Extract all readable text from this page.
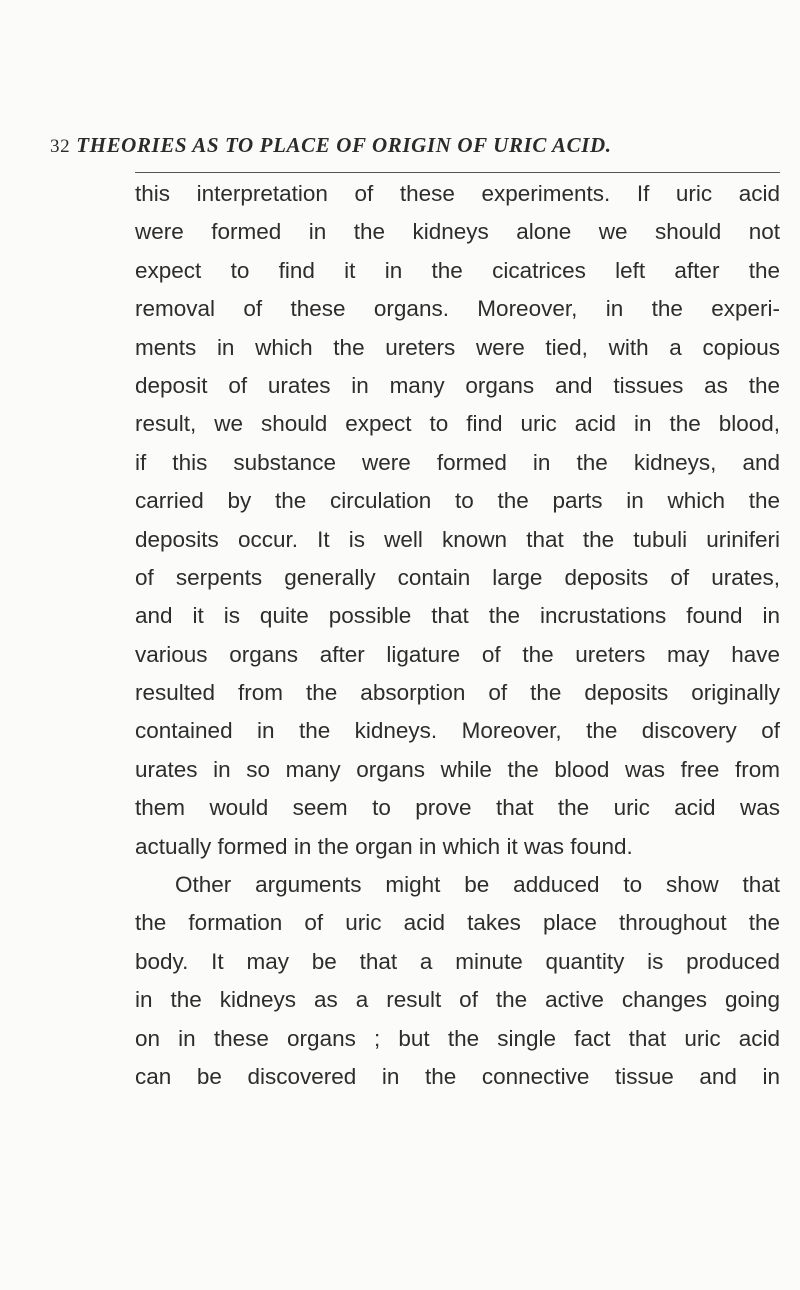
32 THEORIES AS TO PLACE OF ORIGIN OF URIC ACID.
this interpretation of these experiments. If uric acid
were formed in the kidneys alone we should not
expect to find it in the cicatrices left after the
removal of these organs. Moreover, in the experi-
ments in which the ureters were tied, with a copious
deposit of urates in many organs and tissues as the
result, we should expect to find uric acid in the blood,
if this substance were formed in the kidneys, and
carried by the circulation to the parts in which the
deposits occur. It is well known that the tubuli uriniferi
of serpents generally contain large deposits of urates,
and it is quite possible that the incrustations found in
various organs after ligature of the ureters may have
resulted from the absorption of the deposits originally
contained in the kidneys. Moreover, the discovery of
urates in so many organs while the blood was free from
them would seem to prove that the uric acid was
actually formed in the organ in which it was found.
Other arguments might be adduced to show that
the formation of uric acid takes place throughout the
body. It may be that a minute quantity is produced
in the kidneys as a result of the active changes going
on in these organs ; but the single fact that uric acid
can be discovered in the connective tissue and in
